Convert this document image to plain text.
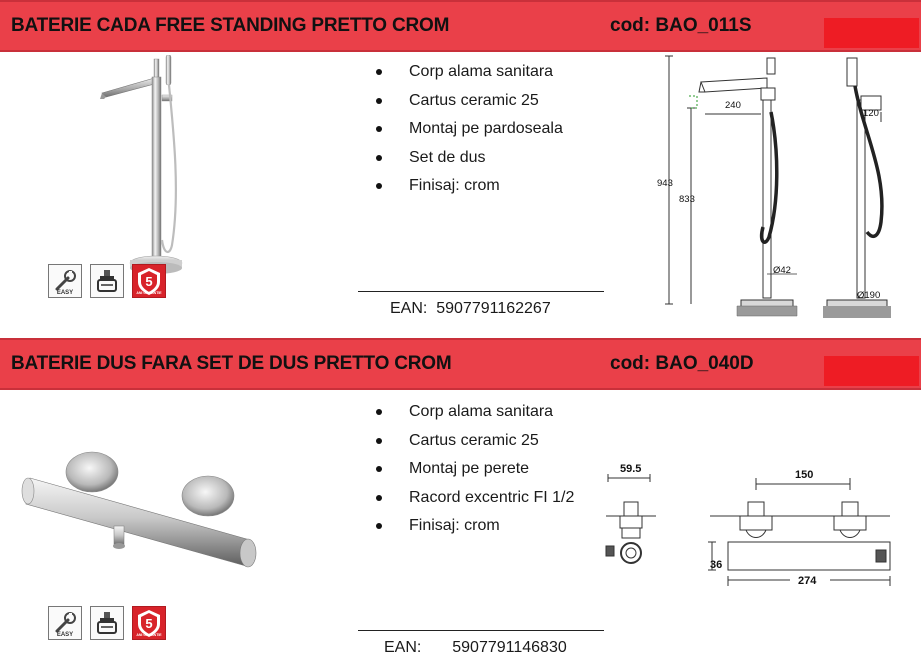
BATERIE CADA FREE STANDING PRETTO CROM	cod: BAO_011S
EASY
5
ANI GARANTIE
Corp alama sanitara
Cartus ceramic 25
Montaj pe pardoseala
Set de dus
Finisaj: crom
EAN: 5907791162267
240
943
833
Ø42
120
Ø190
BATERIE DUS FARA SET DE DUS PRETTO CROM	cod: BAO_040D
EASY
5
ANI GARANTIE
Corp alama sanitara
Cartus ceramic 25
Montaj pe perete
Racord excentric FI 1/2
Finisaj: crom
EAN: 5907791146830
59.5	150
36
274
